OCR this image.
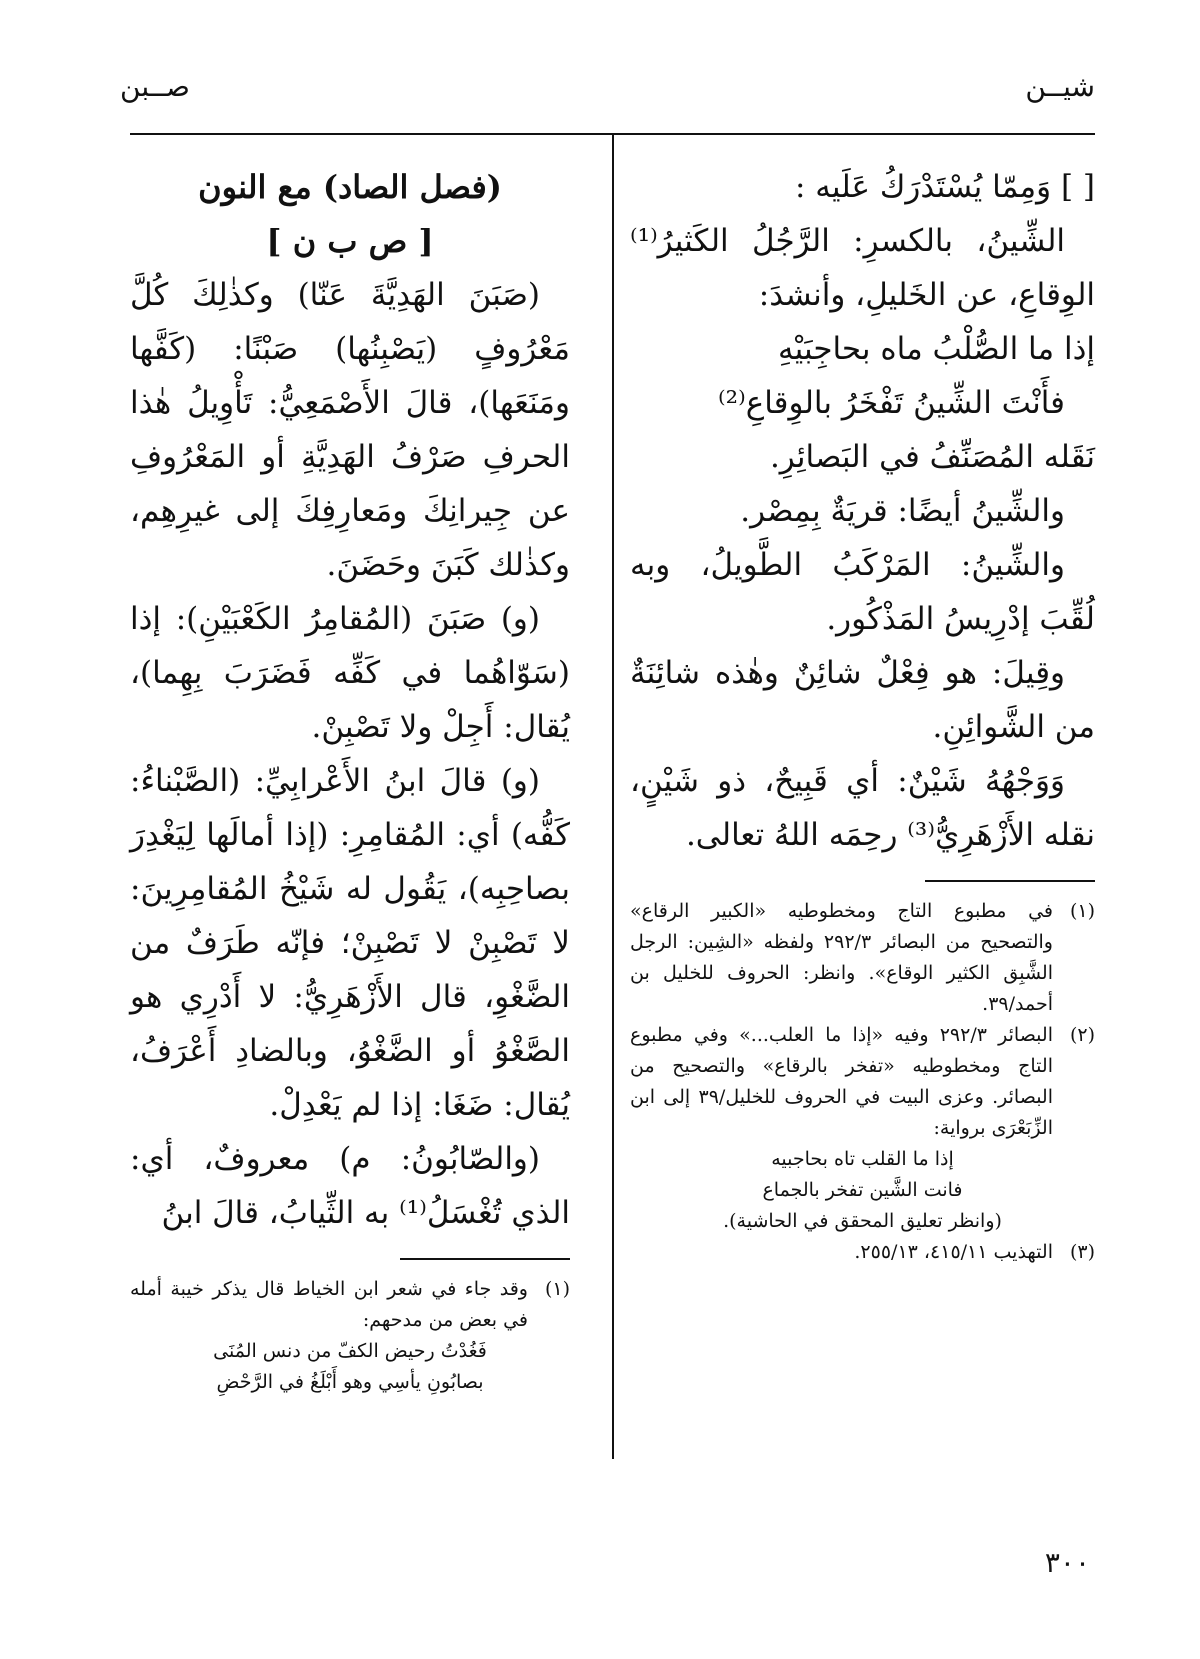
شيــن
صــبن

[ ] وَمِمّا يُسْتَدْرَكُ عَلَيه :

الشِّينُ، بالكسرِ: الرَّجُلُ الكَثيرُ⁽¹⁾ الوِقاعِ، عن الخَليلِ، وأنشدَ:

إذا ما الصُّلْبُ ماه بحاجِبَيْهِ

فأَنْتَ الشِّينُ تَفْخَرُ بالوِقاعِ⁽²⁾

نَقَله المُصَنِّفُ في البَصائِرِ.

والشِّينُ أيضًا: قريَةٌ بِمِصْر.

والشِّينُ: المَرْكَبُ الطَّويلُ، وبه لُقِّبَ إدْرِيسُ المَذْكُور.

وقِيلَ: هو فِعْلٌ شائِنٌ وهٰذه شائِنَةٌ من الشَّوائِنِ.

وَوَجْهُهُ شَيْنٌ: أي قَبِيحٌ، ذو شَيْنٍ، نقله الأَزْهَرِيُّ⁽³⁾ رحِمَه اللهُ تعالى.

(١)
في مطبوع التاج ومخطوطيه «الكبير الرقاع» والتصحيح من البصائر ٢٩٢/٣ ولفظه «الشِين: الرجل الشَّبِق الكثير الوقاع». وانظر: الحروف للخليل بن أحمد/٣٩.
(٢)
البصائر ٢٩٢/٣ وفيه «إذا ما العلب...» وفي مطبوع التاج ومخطوطيه «تفخر بالرقاع» والتصحيح من البصائر. وعزى البيت في الحروف للخليل/٣٩ إلى ابن الزِّبَعْرَى برواية:
إذا ما القلب تاه بحاجبيه
فانت الشَّين تفخر بالجماع
(وانظر تعليق المحقق في الحاشية).
(٣)
التهذيب ٤١٥/١١، ٢٥٥/١٣.

(فصل الصاد) مع النون

[ ص ب ن ]

(صَبَنَ الهَدِيَّةَ عَنّا) وكذٰلِكَ كُلَّ مَعْرُوفٍ (يَصْبِنُها) صَبْنًا: (كَفَّها ومَنَعَها)، قالَ الأَصْمَعِيُّ: تَأْوِيلُ هٰذا الحرفِ صَرْفُ الهَدِيَّةِ أو المَعْرُوفِ عن جِيرانِكَ ومَعارِفِكَ إلى غيرِهِم، وكذٰلك كَبَنَ وحَضَنَ.

(و) صَبَنَ (المُقامِرُ الكَعْبَيْنِ): إذا (سَوّاهُما في كَفِّه فَضَرَبَ بِهِما)، يُقال: أَجِلْ ولا تَصْبِنْ.

(و) قالَ ابنُ الأَعْرابِيِّ: (الصَّبْناءُ: كَفُّه) أي: المُقامِرِ: (إذا أمالَها لِيَغْدِرَ بصاحِبِه)، يَقُول له شَيْخُ المُقامِرِينَ: لا تَصْبِنْ لا تَصْبِنْ؛ فإنّه طَرَفٌ من الضَّغْوِ، قال الأَزْهَرِيُّ: لا أَدْرِي هو الصَّغْوُ أو الضَّغْوُ، وبالضادِ أَعْرَفُ، يُقال: ضَغَا: إذا لم يَعْدِلْ.

(والصّابُونُ: م) معروفٌ، أي: الذي تُغْسَلُ⁽¹⁾ به الثِّيابُ، قالَ ابنُ

(١)
وقد جاء في شعر ابن الخياط قال يذكر خيبة أمله في بعض من مدحهم:
فَغُدْتُ رحيض الكفّ من دنس المُنَى
بصابُونِ يأسِي وهو أَبْلَغُ في الرَّحْضِ
٣٠٠
